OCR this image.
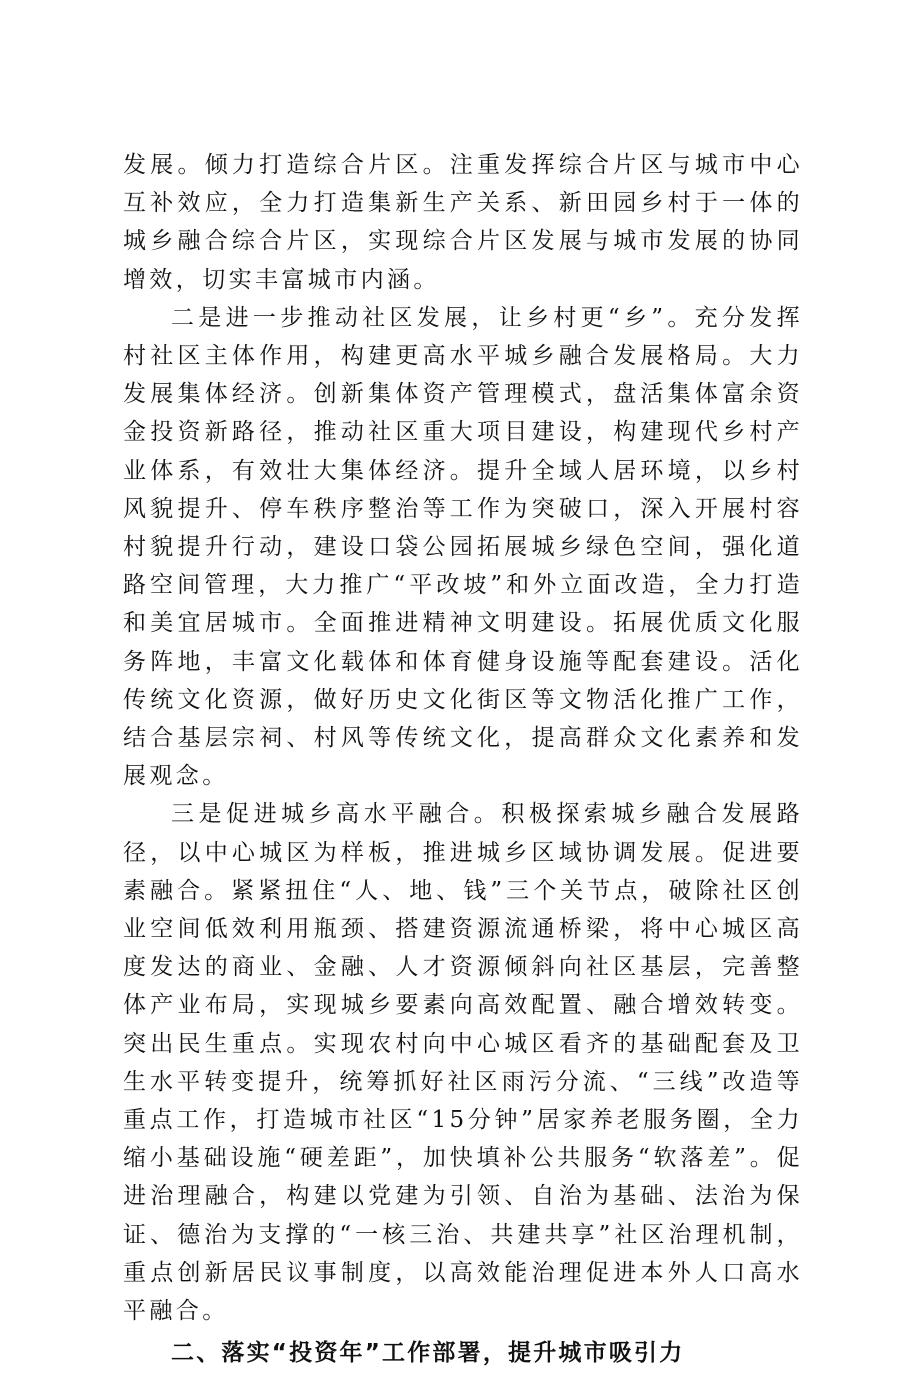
发展。倾力打造综合片区。注重发挥综合片区与城市中心互补效应，全力打造集新生产关系、新田园乡村于一体的城乡融合综合片区，实现综合片区发展与城市发展的协同增效，切实丰富城市内涵。

二是进一步推动社区发展，让乡村更“乡”。充分发挥村社区主体作用，构建更高水平城乡融合发展格局。大力发展集体经济。创新集体资产管理模式，盘活集体富余资金投资新路径，推动社区重大项目建设，构建现代乡村产业体系，有效壮大集体经济。提升全域人居环境，以乡村风貌提升、停车秩序整治等工作为突破口，深入开展村容村貌提升行动，建设口袋公园拓展城乡绿色空间，强化道路空间管理，大力推广“平改坡”和外立面改造，全力打造和美宜居城市。全面推进精神文明建设。拓展优质文化服务阵地，丰富文化载体和体育健身设施等配套建设。活化传统文化资源，做好历史文化街区等文物活化推广工作，结合基层宗祠、村风等传统文化，提高群众文化素养和发展观念。

三是促进城乡高水平融合。积极探索城乡融合发展路径，以中心城区为样板，推进城乡区域协调发展。促进要素融合。紧紧扭住“人、地、钱”三个关节点，破除社区创业空间低效利用瓶颈、搭建资源流通桥梁，将中心城区高度发达的商业、金融、人才资源倾斜向社区基层，完善整体产业布局，实现城乡要素向高效配置、融合增效转变。突出民生重点。实现农村向中心城区看齐的基础配套及卫生水平转变提升，统筹抓好社区雨污分流、“三线”改造等重点工作，打造城市社区“15分钟”居家养老服务圈，全力缩小基础设施“硬差距”，加快填补公共服务“软落差”。促进治理融合，构建以党建为引领、自治为基础、法治为保证、德治为支撑的“一核三治、共建共享”社区治理机制，重点创新居民议事制度，以高效能治理促进本外人口高水平融合。

二、落实“投资年”工作部署，提升城市吸引力
